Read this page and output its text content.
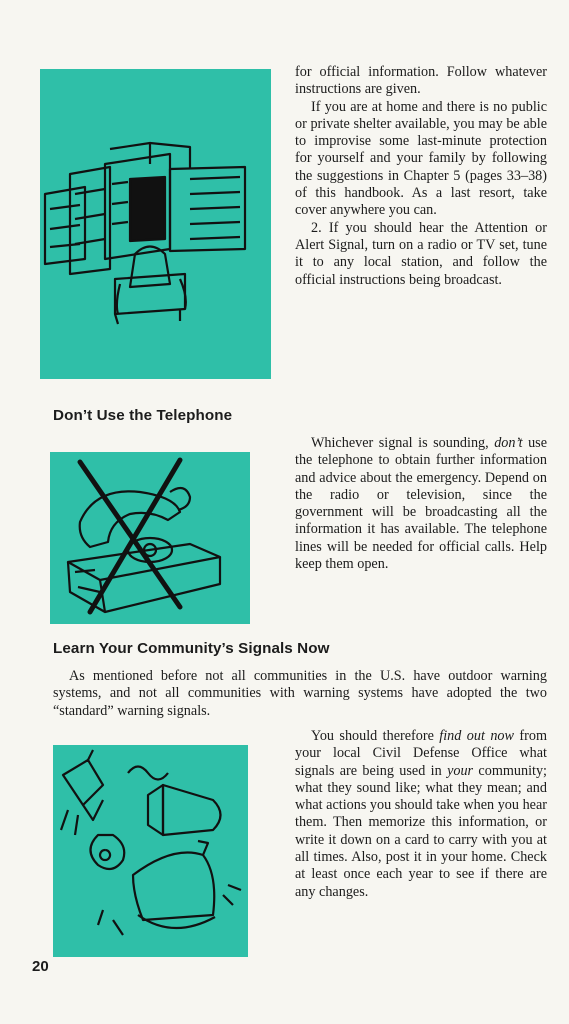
for official information. Follow whatever instructions are given.

If you are at home and there is no public or private shelter available, you may be able to improvise some last-minute protection for yourself and your family by following the suggestions in Chapter 5 (pages 33–38) of this handbook. As a last resort, take cover anywhere you can.

2. If you should hear the Attention or Alert Signal, turn on a radio or TV set, tune it to any local station, and follow the official instructions being broadcast.

Don’t Use the Telephone

Whichever signal is sounding, don’t use the telephone to obtain further information and advice about the emergency. Depend on the radio or television, since the government will be broadcasting all the information it has available. The telephone lines will be needed for official calls. Help keep them open.

Learn Your Community’s Signals Now

As mentioned before not all communities in the U.S. have outdoor warning systems, and not all communities with warning systems have adopted the two “standard” warning signals.

You should therefore find out now from your local Civil Defense Office what signals are being used in your community; what they sound like; what they mean; and what actions you should take when you hear them. Then memorize this information, or write it down on a card to carry with you at all times. Also, post it in your home. Check at least once each year to see if there are any changes.

20
